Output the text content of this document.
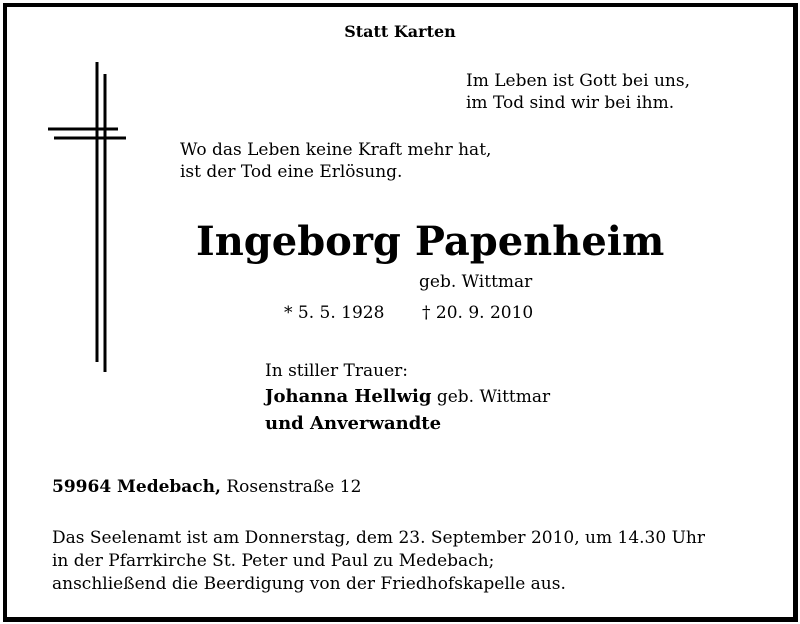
Statt Karten
Im Leben ist Gott bei uns,
im Tod sind wir bei ihm.
Wo das Leben keine Kraft mehr hat,
ist der Tod eine Erlösung.
Ingeborg Papenheim
geb. Wittmar
* 5. 5. 1928 † 20. 9. 2010
In stiller Trauer:
Johanna Hellwig geb. Wittmar
und Anverwandte
59964 Medebach, Rosenstraße 12
Das Seelenamt ist am Donnerstag, dem 23. September 2010, um 14.30 Uhr
in der Pfarrkirche St. Peter und Paul zu Medebach;
anschließend die Beerdigung von der Friedhofskapelle aus.
